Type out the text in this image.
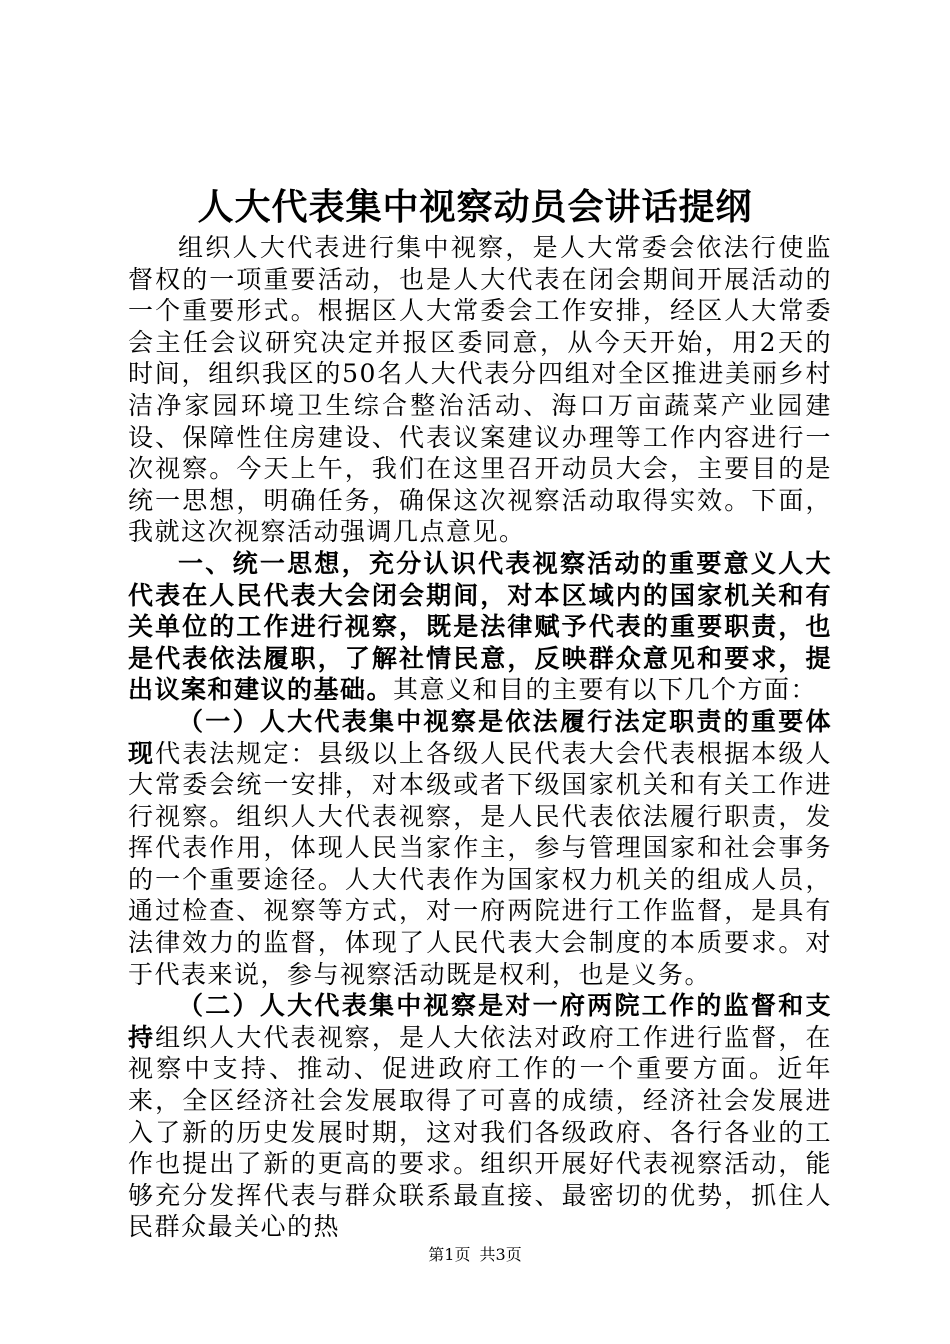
人大代表集中视察动员会讲话提纲

组织人大代表进行集中视察，是人大常委会依法行使监督权的一项重要活动，也是人大代表在闭会期间开展活动的一个重要形式。根据区人大常委会工作安排，经区人大常委会主任会议研究决定并报区委同意，从今天开始，用2天的时间，组织我区的50名人大代表分四组对全区推进美丽乡村洁净家园环境卫生综合整治活动、海口万亩蔬菜产业园建设、保障性住房建设、代表议案建议办理等工作内容进行一次视察。今天上午，我们在这里召开动员大会，主要目的是统一思想，明确任务，确保这次视察活动取得实效。下面，我就这次视察活动强调几点意见。

一、统一思想，充分认识代表视察活动的重要意义人大代表在人民代表大会闭会期间，对本区域内的国家机关和有关单位的工作进行视察，既是法律赋予代表的重要职责，也是代表依法履职，了解社情民意，反映群众意见和要求，提出议案和建议的基础。其意义和目的主要有以下几个方面：

（一）人大代表集中视察是依法履行法定职责的重要体现代表法规定：县级以上各级人民代表大会代表根据本级人大常委会统一安排，对本级或者下级国家机关和有关工作进行视察。组织人大代表视察，是人民代表依法履行职责，发挥代表作用，体现人民当家作主，参与管理国家和社会事务的一个重要途径。人大代表作为国家权力机关的组成人员，通过检查、视察等方式，对一府两院进行工作监督，是具有法律效力的监督，体现了人民代表大会制度的本质要求。对于代表来说，参与视察活动既是权利，也是义务。

（二）人大代表集中视察是对一府两院工作的监督和支持组织人大代表视察，是人大依法对政府工作进行监督，在视察中支持、推动、促进政府工作的一个重要方面。近年来，全区经济社会发展取得了可喜的成绩，经济社会发展进入了新的历史发展时期，这对我们各级政府、各行各业的工作也提出了新的更高的要求。组织开展好代表视察活动，能够充分发挥代表与群众联系最直接、最密切的优势，抓住人民群众最关心的热

第1页 共3页
